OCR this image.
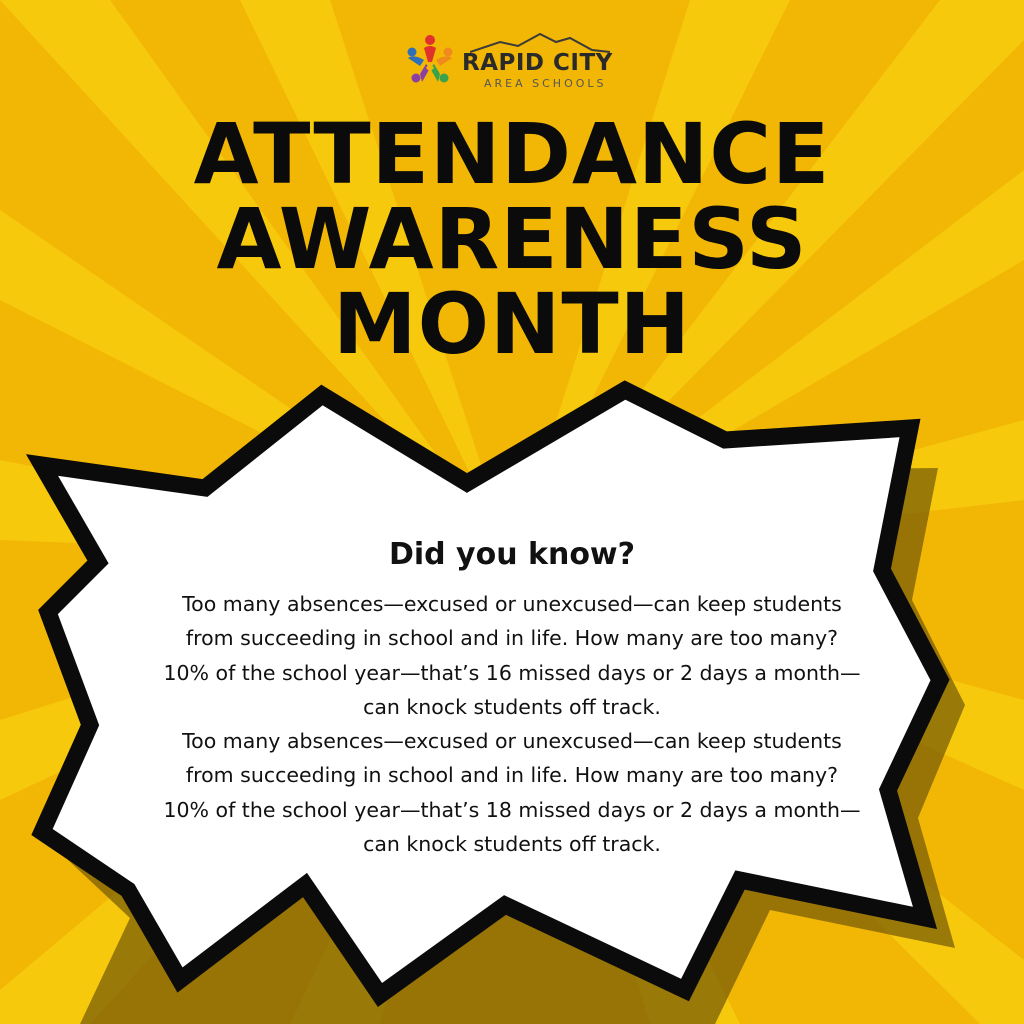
RAPID CITY
AREA SCHOOLS
ATTENDANCE
AWARENESS
MONTH
Did you know?

Too many absences—excused or unexcused—can keep students from succeeding in school and in life. How many are too many? 10% of the school year—that’s 16 missed days or 2 days a month—can knock students off track.

Too many absences—excused or unexcused—can keep students from succeeding in school and in life. How many are too many? 10% of the school year—that’s 18 missed days or 2 days a month—can knock students off track.
